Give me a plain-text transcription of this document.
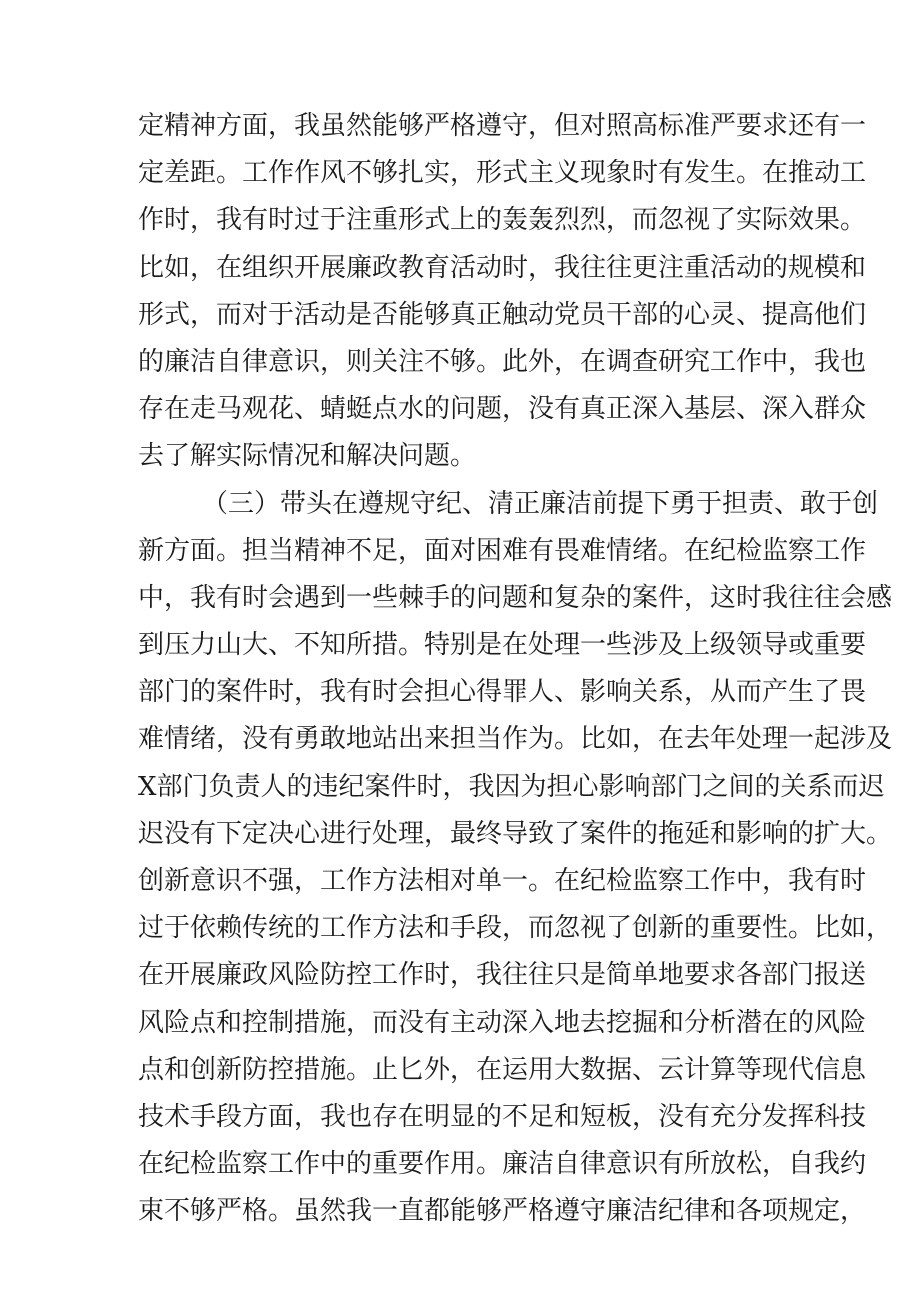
定精神方面，我虽然能够严格遵守，但对照高标准严要求还有一
定差距。工作作风不够扎实，形式主义现象时有发生。在推动工
作时，我有时过于注重形式上的轰轰烈烈，而忽视了实际效果。
比如，在组织开展廉政教育活动时，我往往更注重活动的规模和
形式，而对于活动是否能够真正触动党员干部的心灵、提高他们
的廉洁自律意识，则关注不够。此外，在调查研究工作中，我也
存在走马观花、蜻蜓点水的问题，没有真正深入基层、深入群众
去了解实际情况和解决问题。
（三）带头在遵规守纪、清正廉洁前提下勇于担责、敢于创
新方面。担当精神不足，面对困难有畏难情绪。在纪检监察工作
中，我有时会遇到一些棘手的问题和复杂的案件，这时我往往会感
到压力山大、不知所措。特别是在处理一些涉及上级领导或重要
部门的案件时，我有时会担心得罪人、影响关系，从而产生了畏
难情绪，没有勇敢地站出来担当作为。比如，在去年处理一起涉及
X部门负责人的违纪案件时，我因为担心影响部门之间的关系而迟
迟没有下定决心进行处理，最终导致了案件的拖延和影响的扩大。
创新意识不强，工作方法相对单一。在纪检监察工作中，我有时
过于依赖传统的工作方法和手段，而忽视了创新的重要性。比如，
在开展廉政风险防控工作时，我往往只是简单地要求各部门报送
风险点和控制措施，而没有主动深入地去挖掘和分析潜在的风险
点和创新防控措施。止匕外，在运用大数据、云计算等现代信息
技术手段方面，我也存在明显的不足和短板，没有充分发挥科技
在纪检监察工作中的重要作用。廉洁自律意识有所放松，自我约
束不够严格。虽然我一直都能够严格遵守廉洁纪律和各项规定，
